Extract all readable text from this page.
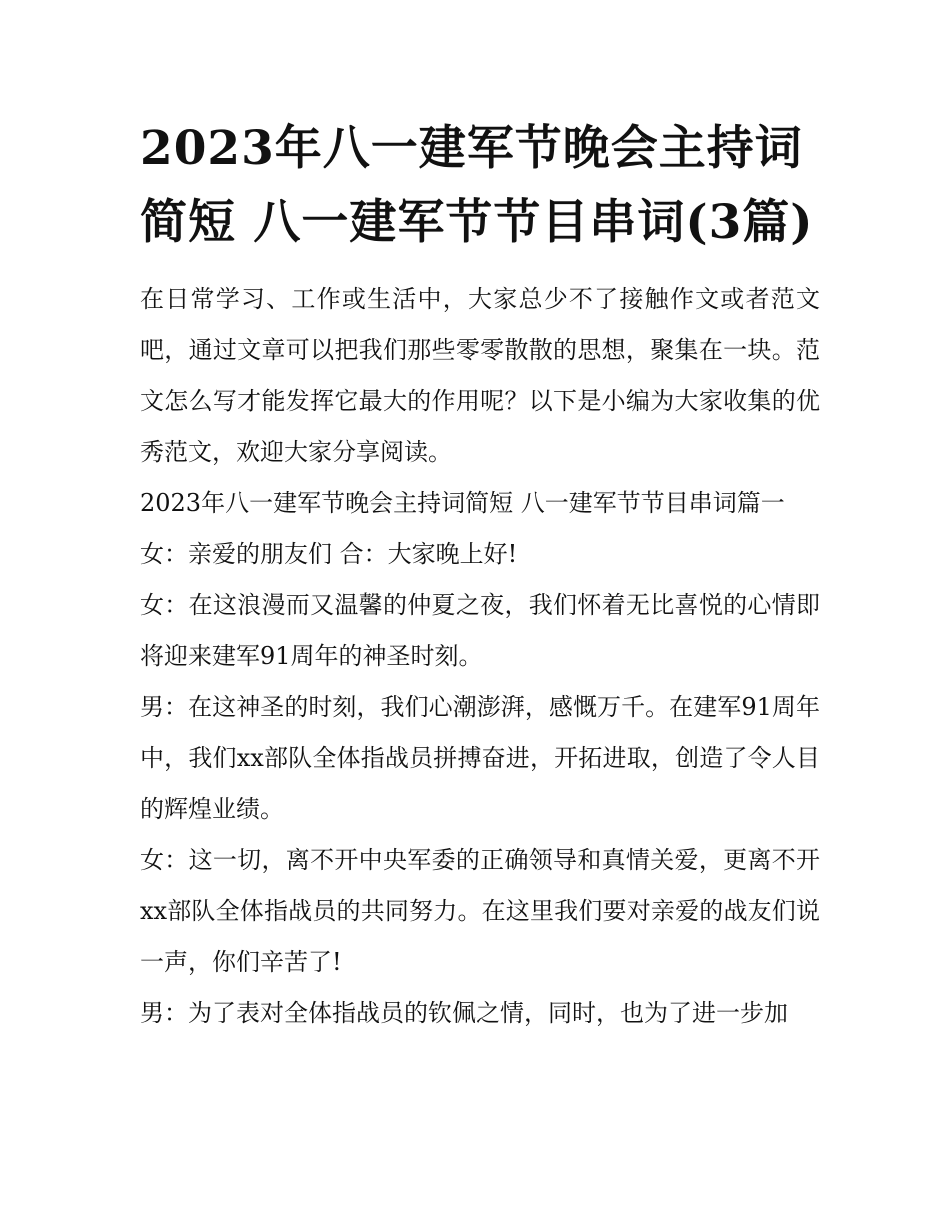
2023年八一建军节晚会主持词简短 八一建军节节目串词(3篇)

在日常学习、工作或生活中，大家总少不了接触作文或者范文吧，通过文章可以把我们那些零零散散的思想，聚集在一块。范文怎么写才能发挥它最大的作用呢？以下是小编为大家收集的优秀范文，欢迎大家分享阅读。

2023年八一建军节晚会主持词简短 八一建军节节目串词篇一

女：亲爱的朋友们 合：大家晚上好!

女：在这浪漫而又温馨的仲夏之夜，我们怀着无比喜悦的心情即将迎来建军91周年的神圣时刻。

男：在这神圣的时刻，我们心潮澎湃，感慨万千。在建军91周年中，我们xx部队全体指战员拼搏奋进，开拓进取，创造了令人目的辉煌业绩。

女：这一切，离不开中央军委的正确领导和真情关爱，更离不开xx部队全体指战员的共同努力。在这里我们要对亲爱的战友们说一声，你们辛苦了!

男：为了表对全体指战员的钦佩之情，同时，也为了进一步加
